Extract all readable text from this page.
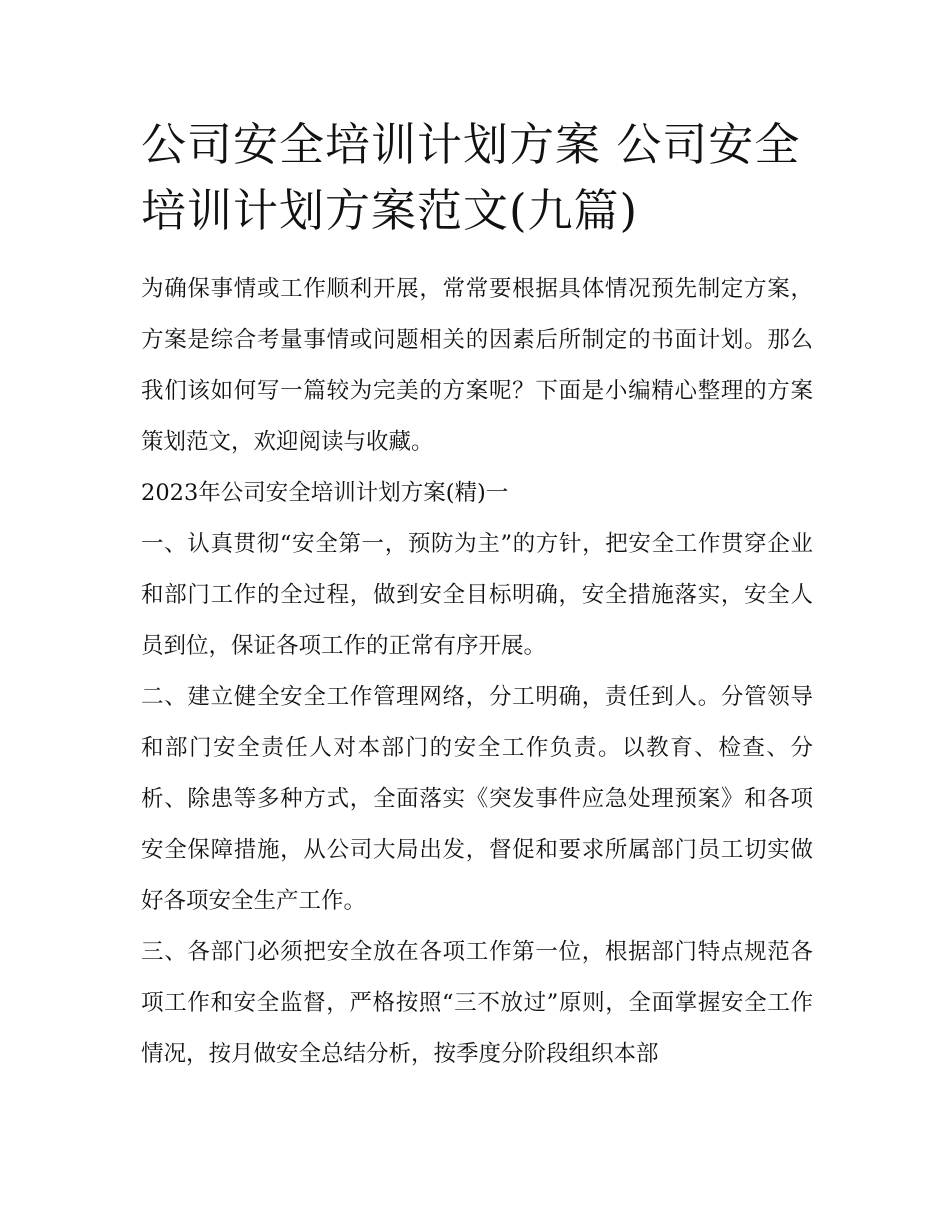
公司安全培训计划方案 公司安全培训计划方案范文(九篇)

为确保事情或工作顺利开展，常常要根据具体情况预先制定方案，方案是综合考量事情或问题相关的因素后所制定的书面计划。那么我们该如何写一篇较为完美的方案呢？下面是小编精心整理的方案策划范文，欢迎阅读与收藏。

2023年公司安全培训计划方案(精)一

一、认真贯彻“安全第一，预防为主”的方针，把安全工作贯穿企业和部门工作的全过程，做到安全目标明确，安全措施落实，安全人员到位，保证各项工作的正常有序开展。

二、建立健全安全工作管理网络，分工明确，责任到人。分管领导和部门安全责任人对本部门的安全工作负责。以教育、检查、分析、除患等多种方式，全面落实《突发事件应急处理预案》和各项安全保障措施，从公司大局出发，督促和要求所属部门员工切实做好各项安全生产工作。

三、各部门必须把安全放在各项工作第一位，根据部门特点规范各项工作和安全监督，严格按照“三不放过”原则，全面掌握安全工作情况，按月做安全总结分析，按季度分阶段组织本部
